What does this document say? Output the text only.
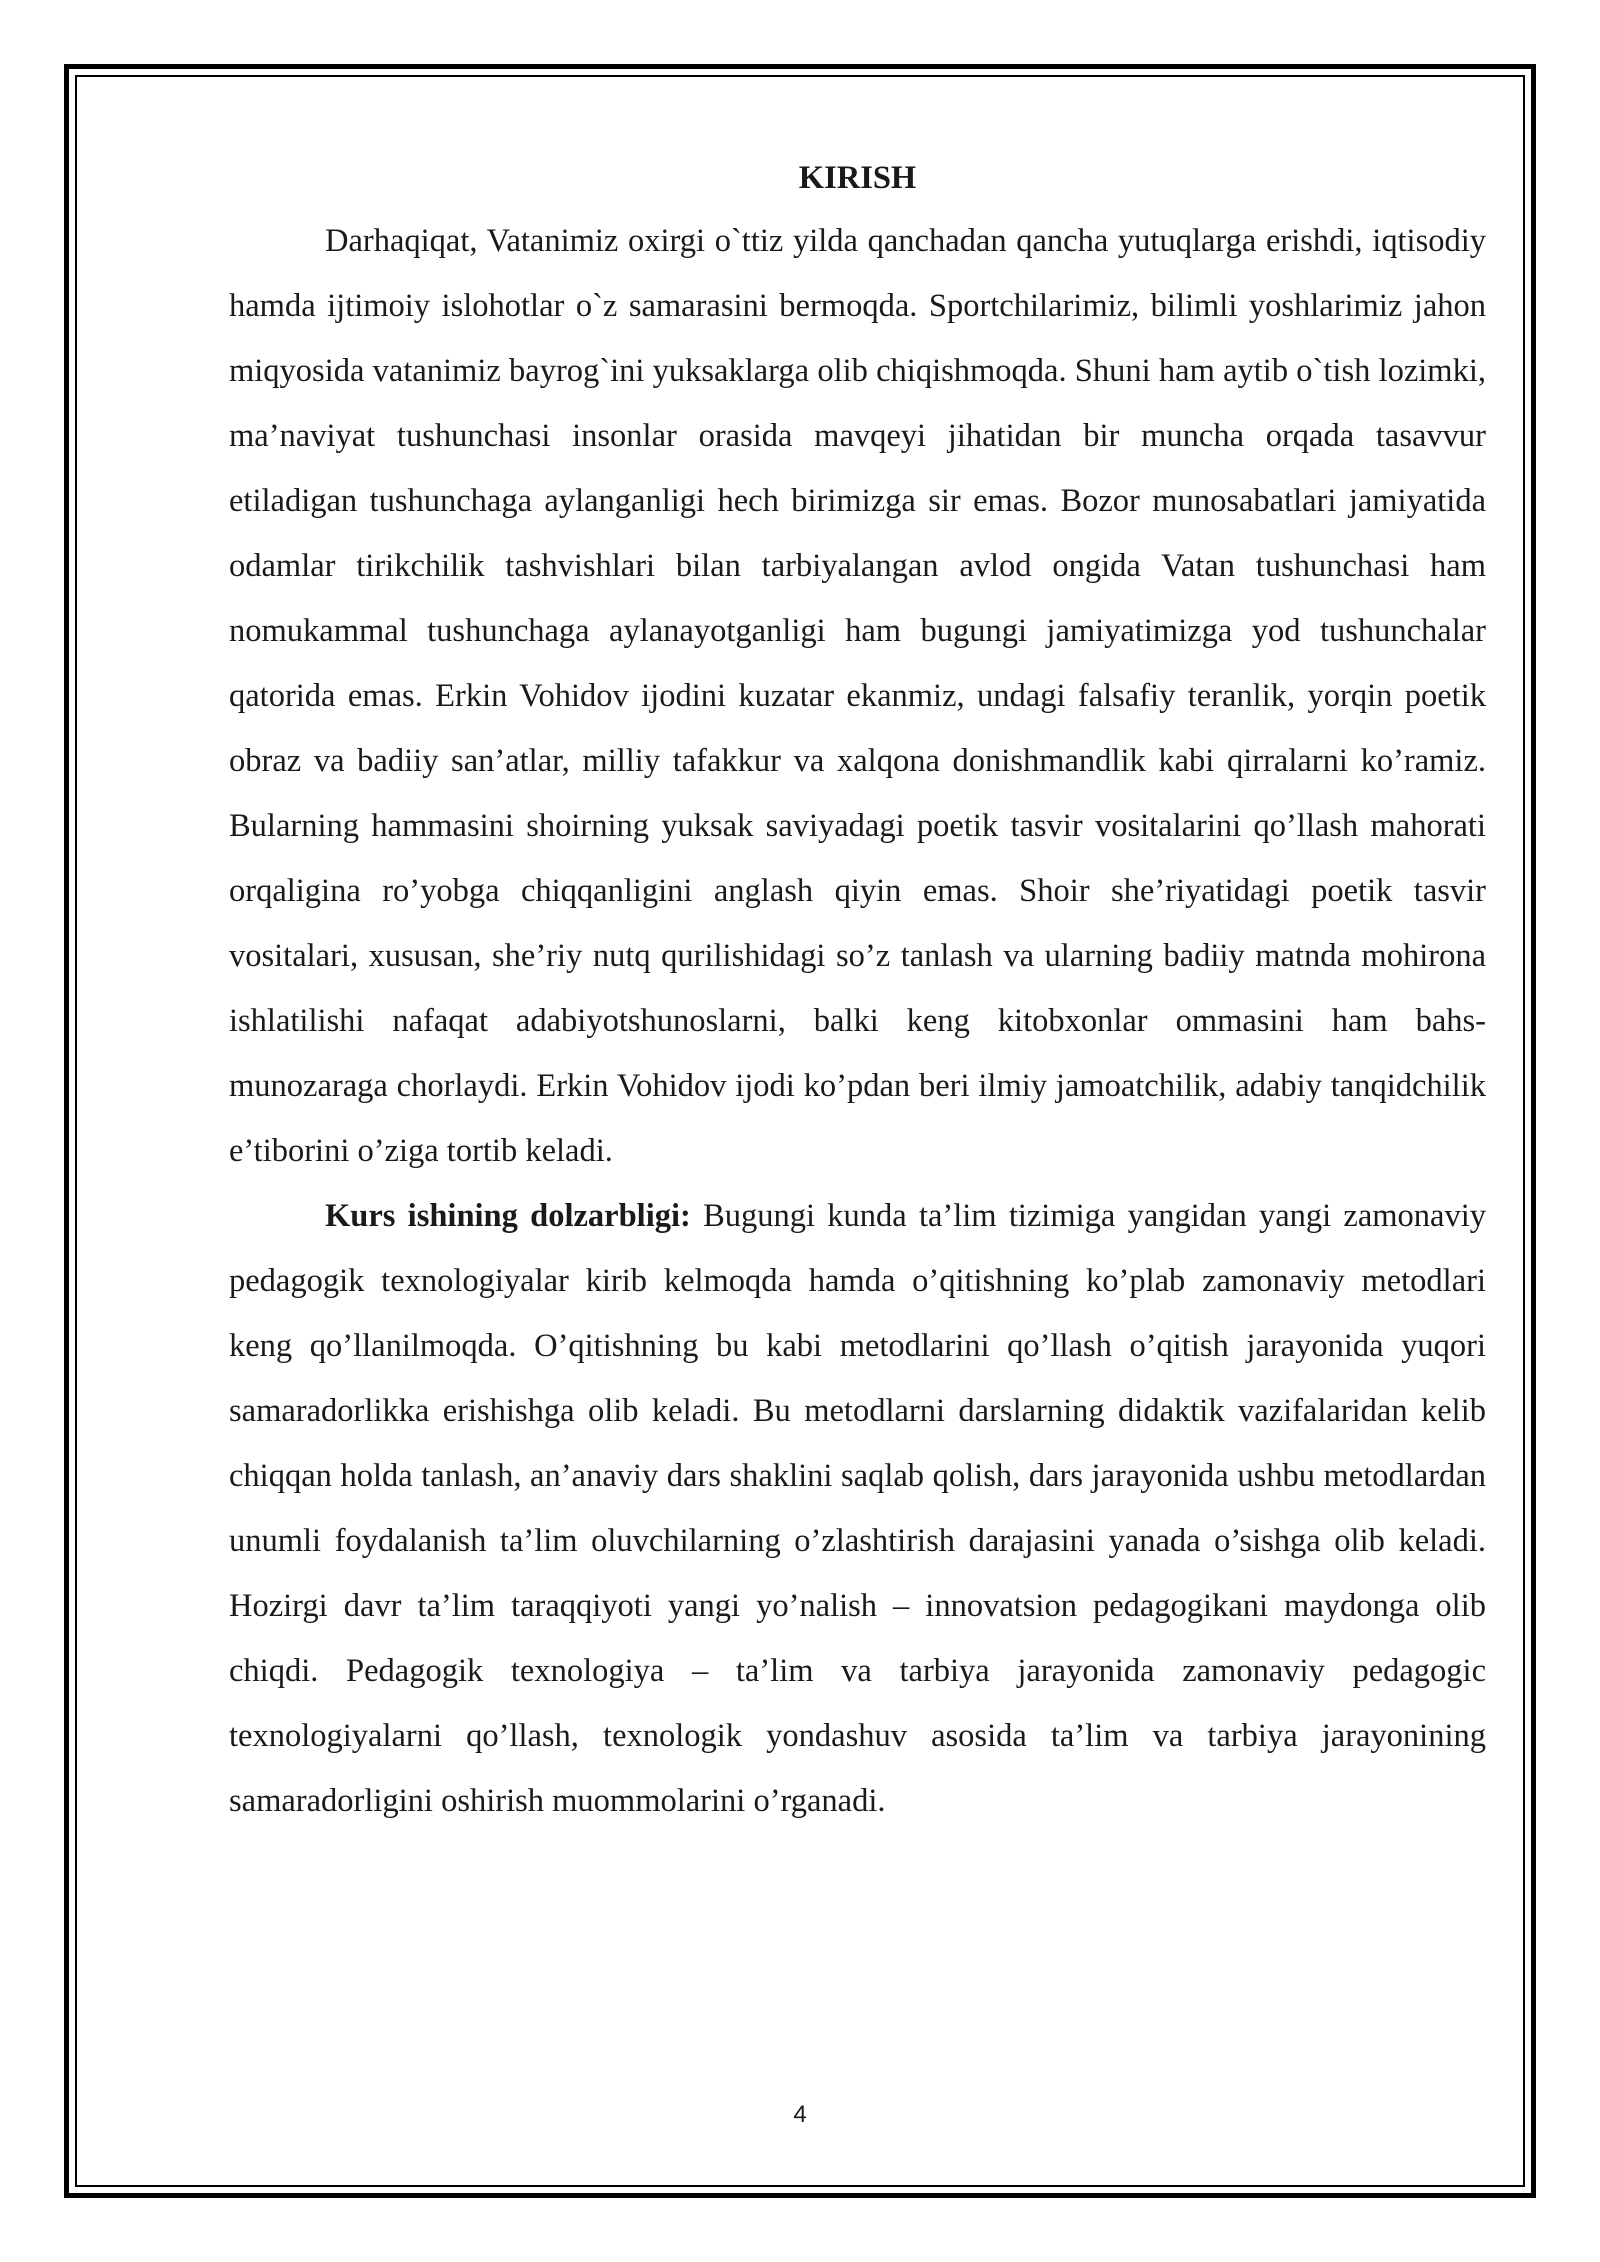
KIRISH

Darhaqiqat, Vatanimiz oxirgi o`ttiz yilda qanchadan qancha yutuqlarga erishdi, iqtisodiy hamda ijtimoiy islohotlar o`z samarasini bermoqda. Sportchilarimiz, bilimli yoshlarimiz jahon miqyosida vatanimiz bayrog`ini yuksaklarga olib chiqishmoqda. Shuni ham aytib o`tish lozimki, ma’naviyat tushunchasi insonlar orasida mavqeyi jihatidan bir muncha orqada tasavvur etiladigan tushunchaga aylanganligi hech birimizga sir emas. Bozor munosabatlari jamiyatida odamlar tirikchilik tashvishlari bilan tarbiyalangan avlod ongida Vatan tushunchasi ham nomukammal tushunchaga aylanayotganligi ham bugungi jamiyatimizga yod tushunchalar qatorida emas. Erkin Vohidov ijodini kuzatar ekanmiz, undagi falsafiy teranlik, yorqin poetik obraz va badiiy san’atlar, milliy tafakkur va xalqona donishmandlik kabi qirralarni ko’ramiz. Bularning hammasini shoirning yuksak saviyadagi poetik tasvir vositalarini qo’llash mahorati orqaligina ro’yobga chiqqanligini anglash qiyin emas. Shoir she’riyatidagi poetik tasvir vositalari, xususan, she’riy nutq qurilishidagi so’z tanlash va ularning badiiy matnda mohirona ishlatilishi nafaqat adabiyotshunoslarni, balki keng kitobxonlar ommasini ham bahs-munozaraga chorlaydi. Erkin Vohidov ijodi ko’pdan beri ilmiy jamoatchilik, adabiy tanqidchilik e’tiborini o’ziga tortib keladi.

Kurs ishining dolzarbligi: Bugungi kunda ta’lim tizimiga yangidan yangi zamonaviy pedagogik texnologiyalar kirib kelmoqda hamda o’qitishning ko’plab zamonaviy metodlari keng qo’llanilmoqda. O’qitishning bu kabi metodlarini qo’llash o’qitish jarayonida yuqori samaradorlikka erishishga olib keladi. Bu metodlarni darslarning didaktik vazifalaridan kelib chiqqan holda tanlash, an’anaviy dars shaklini saqlab qolish, dars jarayonida ushbu metodlardan unumli foydalanish ta’lim oluvchilarning o’zlashtirish darajasini yanada o’sishga olib keladi. Hozirgi davr ta’lim taraqqiyoti yangi yo’nalish – innovatsion pedagogikani maydonga olib chiqdi. Pedagogik texnologiya – ta’lim va tarbiya jarayonida zamonaviy pedagogic texnologiyalarni qo’llash, texnologik yondashuv asosida ta’lim va tarbiya jarayonining samaradorligini oshirish muommolarini o’rganadi.

4
